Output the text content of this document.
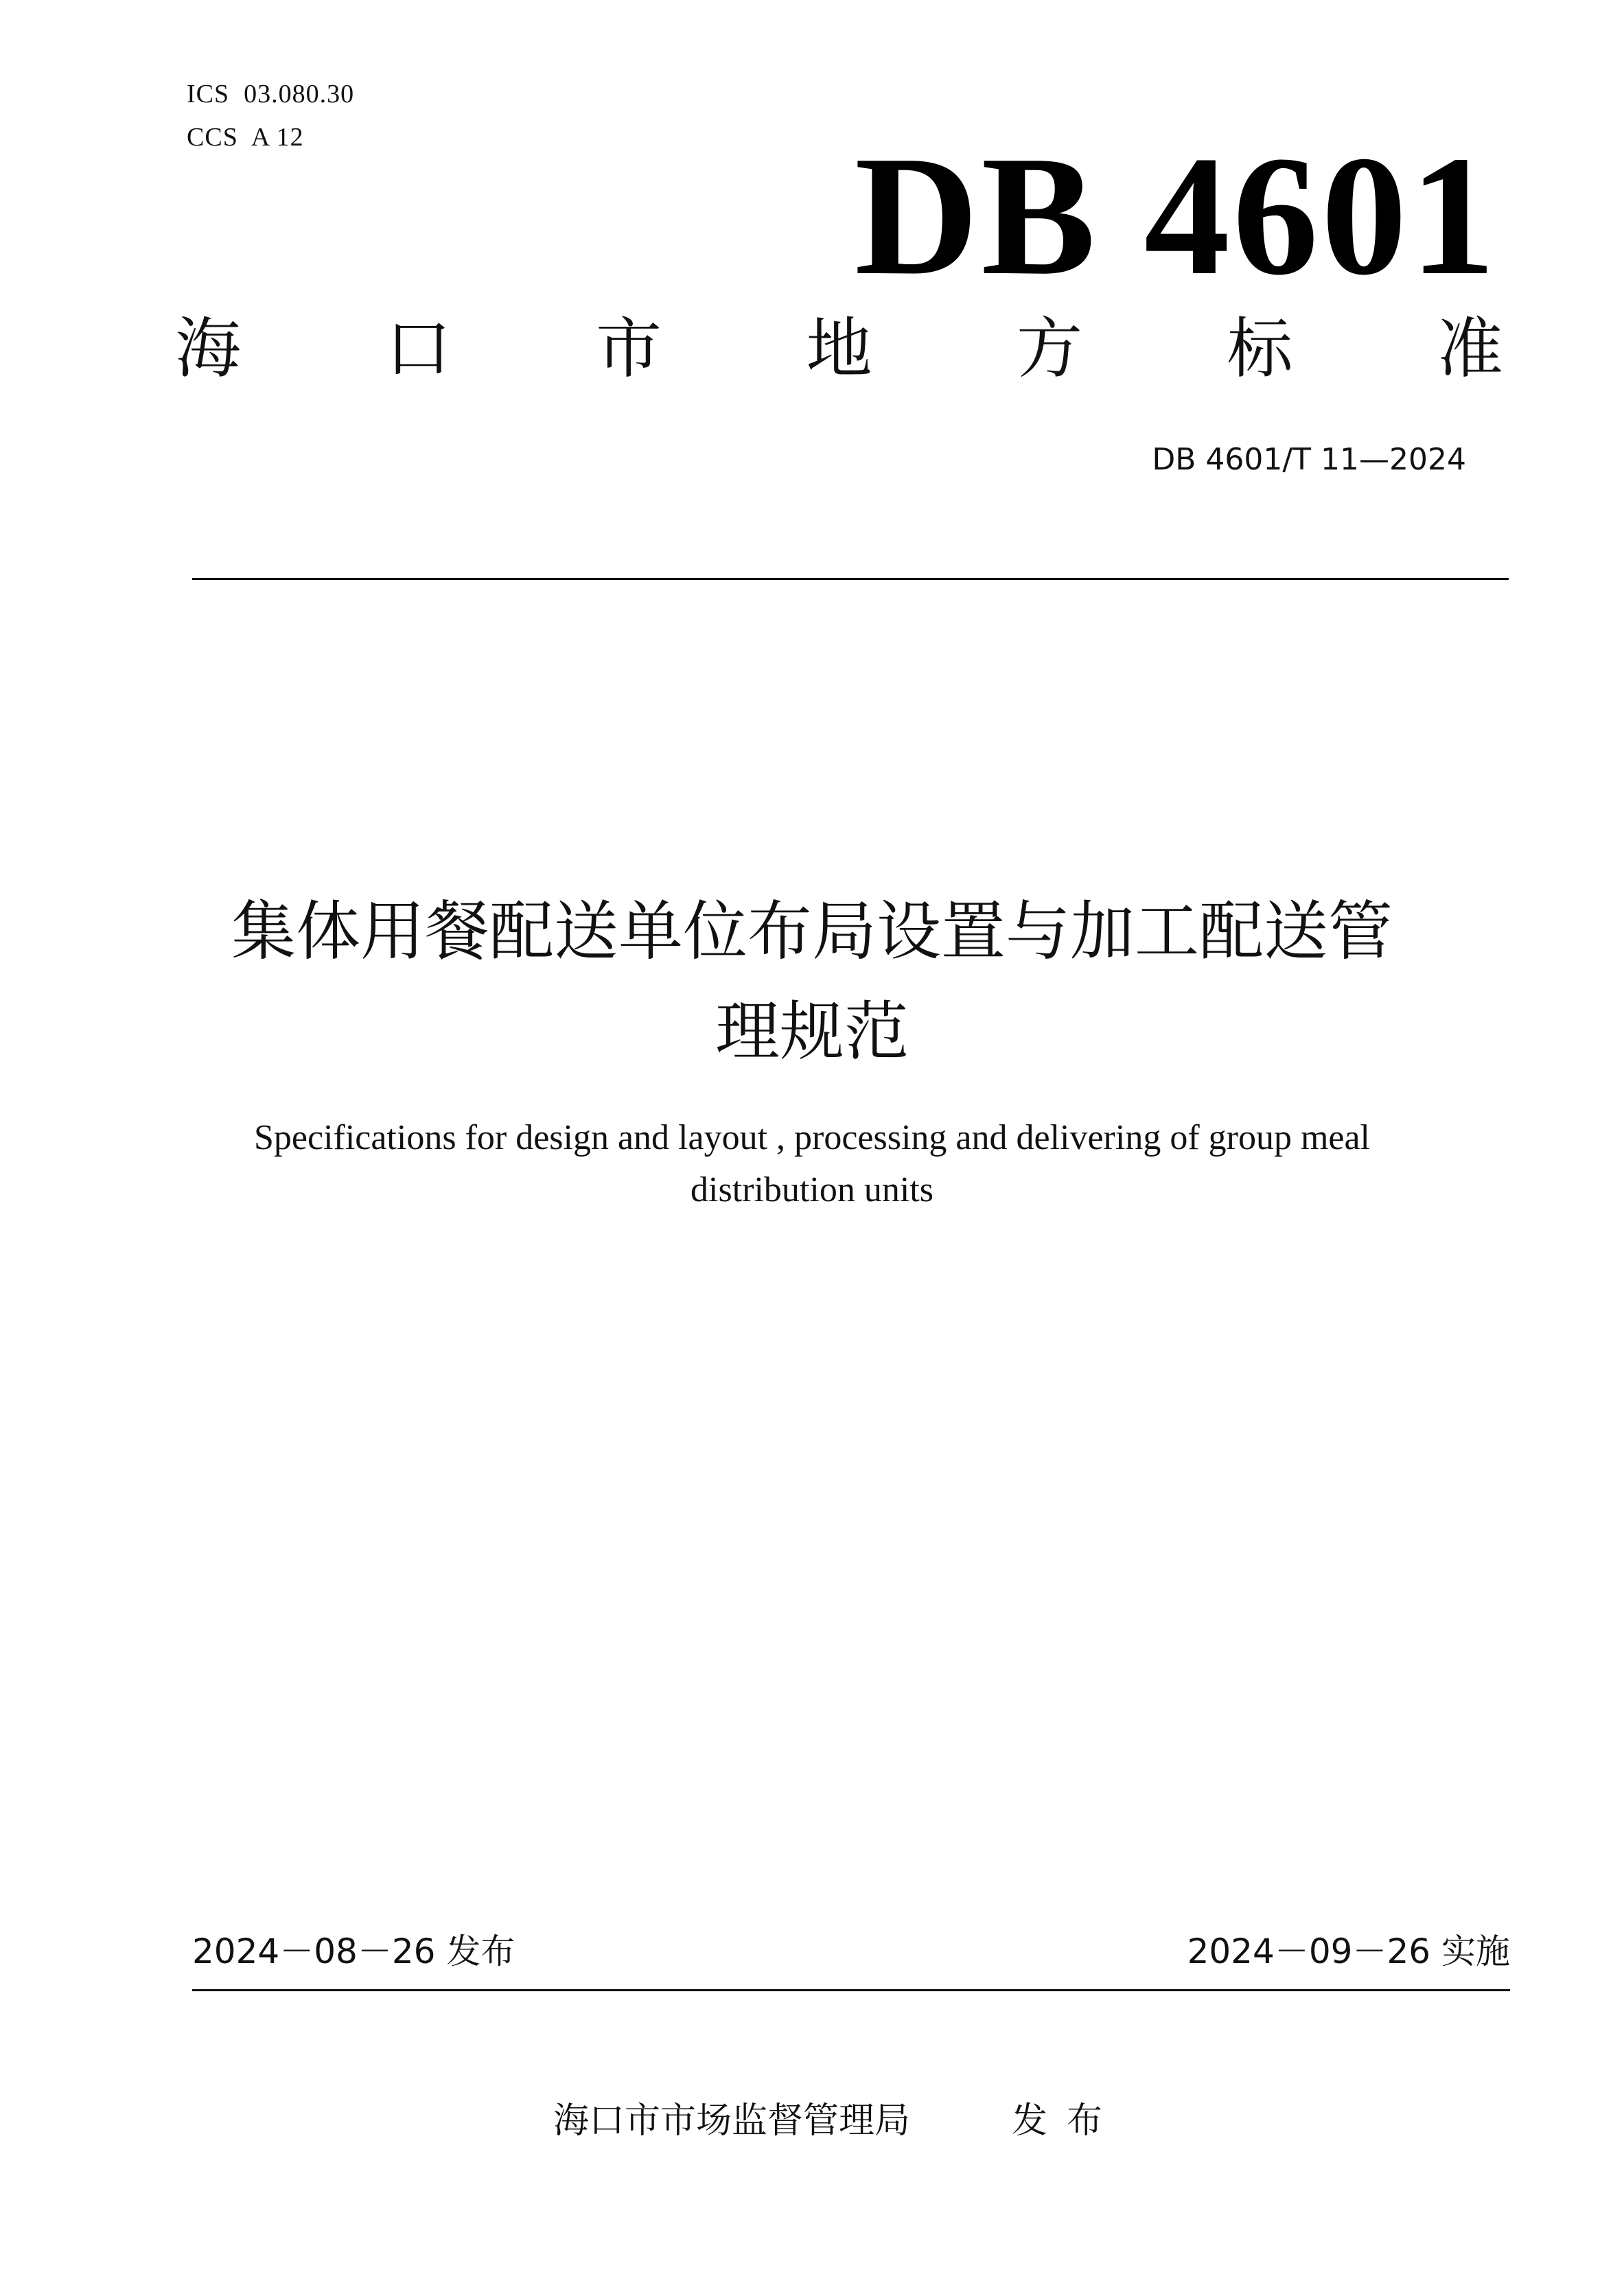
ICS  03.080.30
CCS  A 12	DB 4601
海 口 市 地 方 标 准
DB 4601/T 11—2024
集体用餐配送单位布局设置与加工配送管
理规范
Specifications for design and layout , processing and delivering of group meal
distribution units
2024－08－26 发布	2024－09－26 实施
海口市市场监督管理局	发布
